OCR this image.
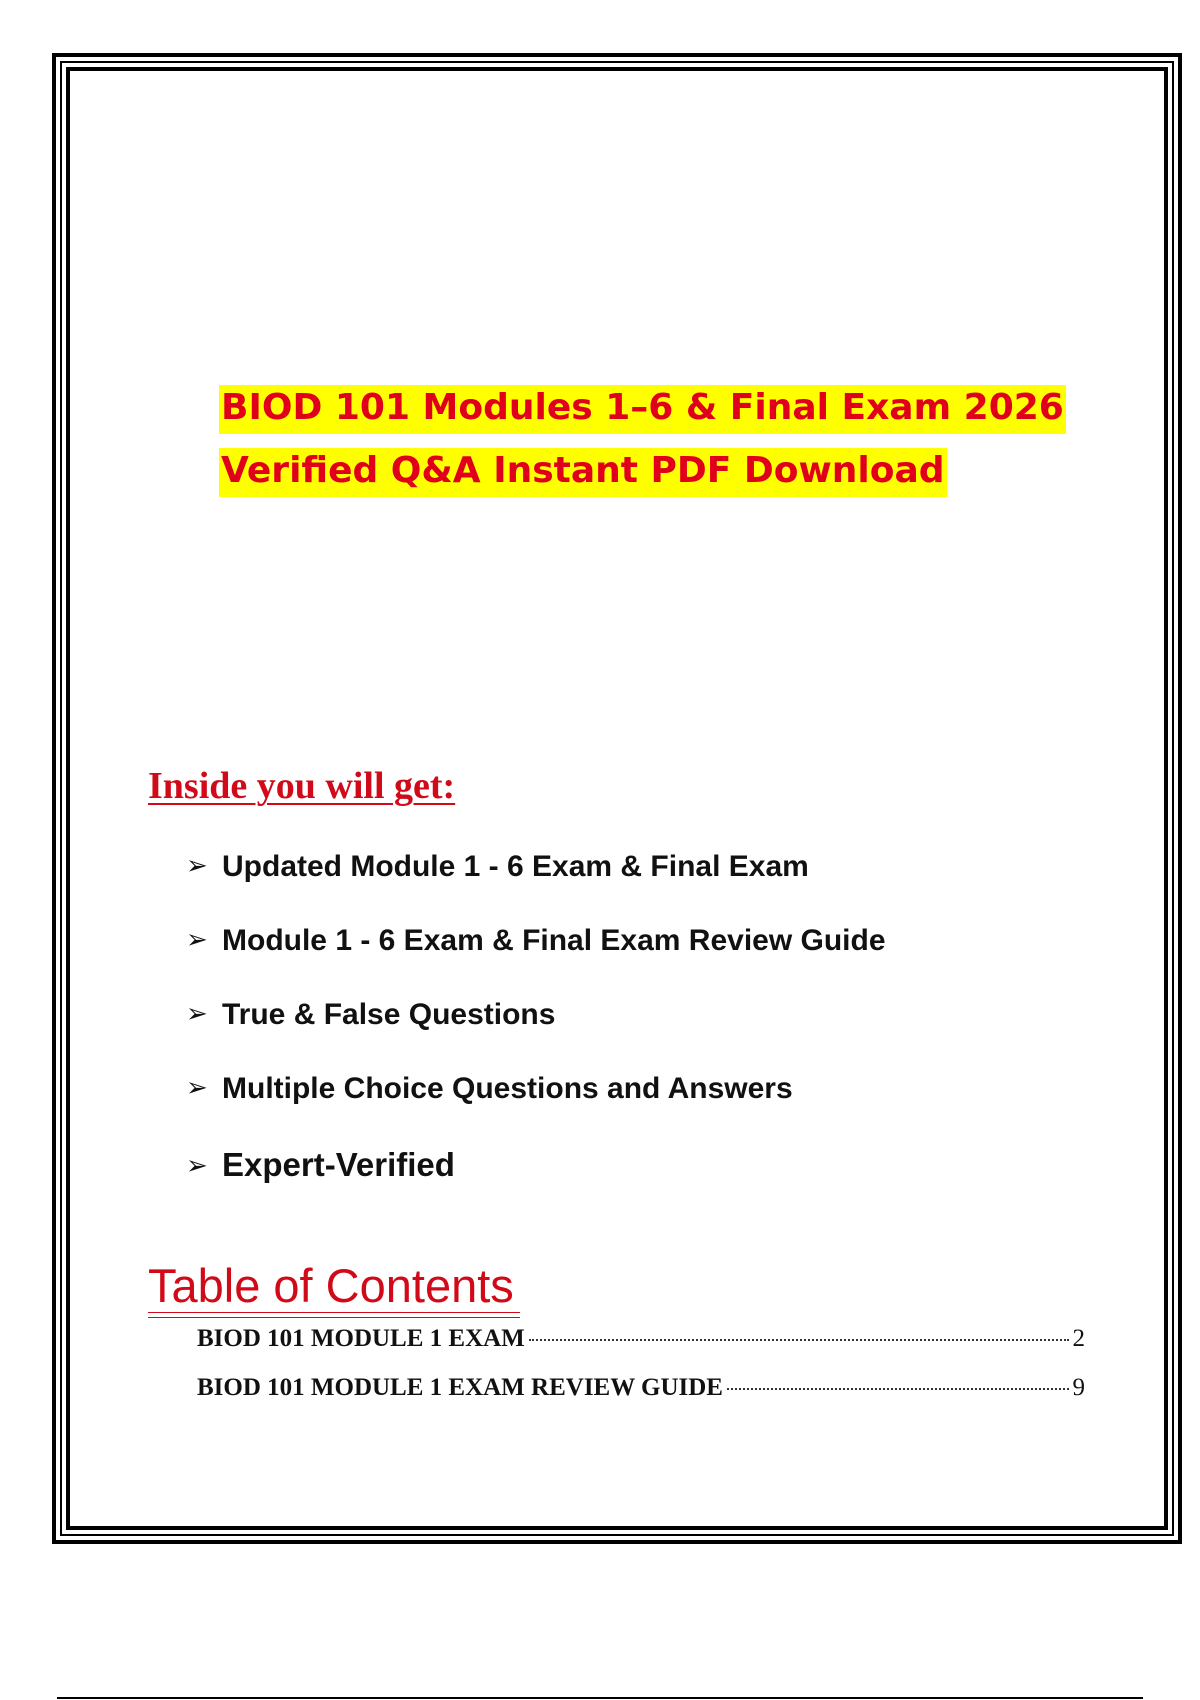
BIOD 101 Modules 1–6 & Final Exam 2026
Verified Q&A Instant PDF Download
Inside you will get:
➢ Updated Module 1 - 6 Exam & Final Exam
➢ Module 1 - 6 Exam & Final Exam Review Guide
➢ True & False Questions
➢ Multiple Choice Questions and Answers
➢ Expert-Verified
Table of Contents
BIOD 101 MODULE 1 EXAM	2
BIOD 101 MODULE 1 EXAM REVIEW GUIDE	9
